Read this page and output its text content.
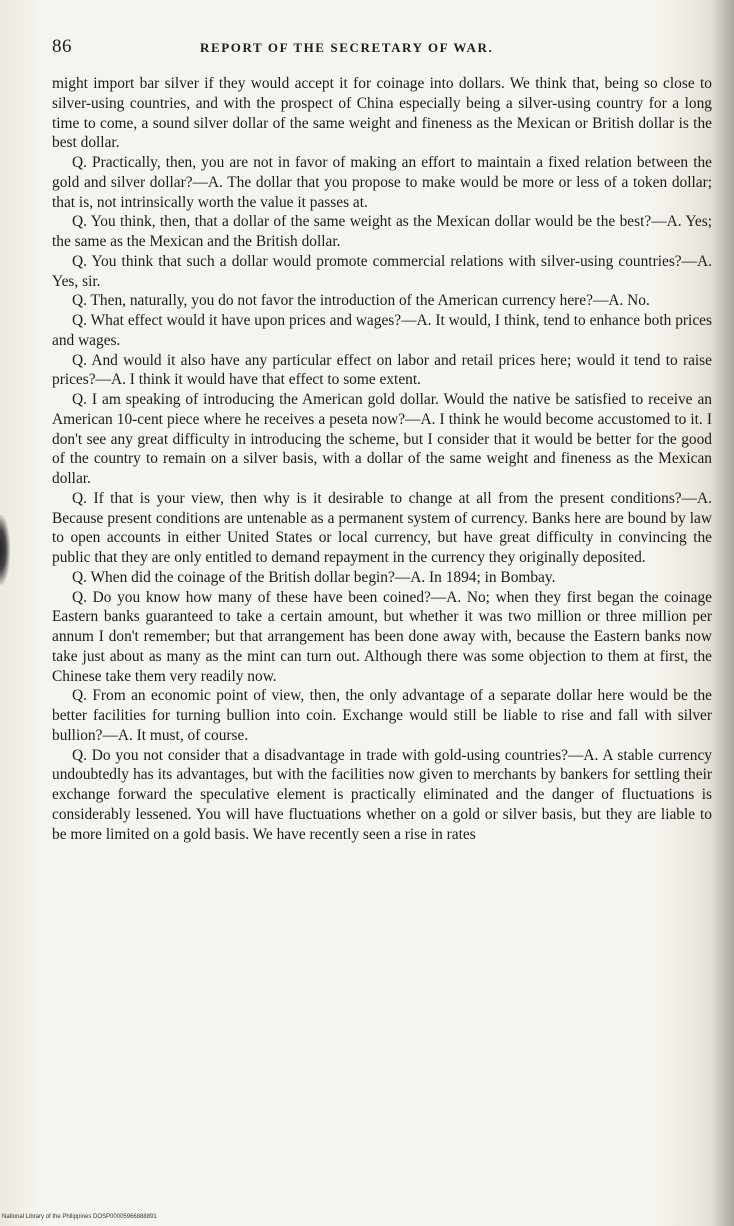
86	REPORT OF THE SECRETARY OF WAR.

might import bar silver if they would accept it for coinage into dollars. We think that, being so close to silver-using countries, and with the prospect of China especially being a silver-using country for a long time to come, a sound silver dollar of the same weight and fineness as the Mexican or British dollar is the best dollar.

Q. Practically, then, you are not in favor of making an effort to maintain a fixed relation between the gold and silver dollar?—A. The dollar that you propose to make would be more or less of a token dollar; that is, not intrinsically worth the value it passes at.

Q. You think, then, that a dollar of the same weight as the Mexican dollar would be the best?—A. Yes; the same as the Mexican and the British dollar.

Q. You think that such a dollar would promote commercial relations with silver-using countries?—A. Yes, sir.

Q. Then, naturally, you do not favor the introduction of the American currency here?—A. No.

Q. What effect would it have upon prices and wages?—A. It would, I think, tend to enhance both prices and wages.

Q. And would it also have any particular effect on labor and retail prices here; would it tend to raise prices?—A. I think it would have that effect to some extent.

Q. I am speaking of introducing the American gold dollar. Would the native be satisfied to receive an American 10-cent piece where he receives a peseta now?—A. I think he would become accustomed to it. I don't see any great difficulty in introducing the scheme, but I consider that it would be better for the good of the country to remain on a silver basis, with a dollar of the same weight and fineness as the Mexican dollar.

Q. If that is your view, then why is it desirable to change at all from the present conditions?—A. Because present conditions are untenable as a permanent system of currency. Banks here are bound by law to open accounts in either United States or local currency, but have great difficulty in convincing the public that they are only entitled to demand repayment in the currency they originally deposited.

Q. When did the coinage of the British dollar begin?—A. In 1894; in Bombay.

Q. Do you know how many of these have been coined?—A. No; when they first began the coinage Eastern banks guaranteed to take a certain amount, but whether it was two million or three million per annum I don't remember; but that arrangement has been done away with, because the Eastern banks now take just about as many as the mint can turn out. Although there was some objection to them at first, the Chinese take them very readily now.

Q. From an economic point of view, then, the only advantage of a separate dollar here would be the better facilities for turning bullion into coin. Exchange would still be liable to rise and fall with silver bullion?—A. It must, of course.

Q. Do you not consider that a disadvantage in trade with gold-using countries?—A. A stable currency undoubtedly has its advantages, but with the facilities now given to merchants by bankers for settling their exchange forward the speculative element is practically eliminated and the danger of fluctuations is considerably lessened. You will have fluctuations whether on a gold or silver basis, but they are liable to be more limited on a gold basis. We have recently seen a rise in rates

National Library of the Philippines DOSP00005966888891
